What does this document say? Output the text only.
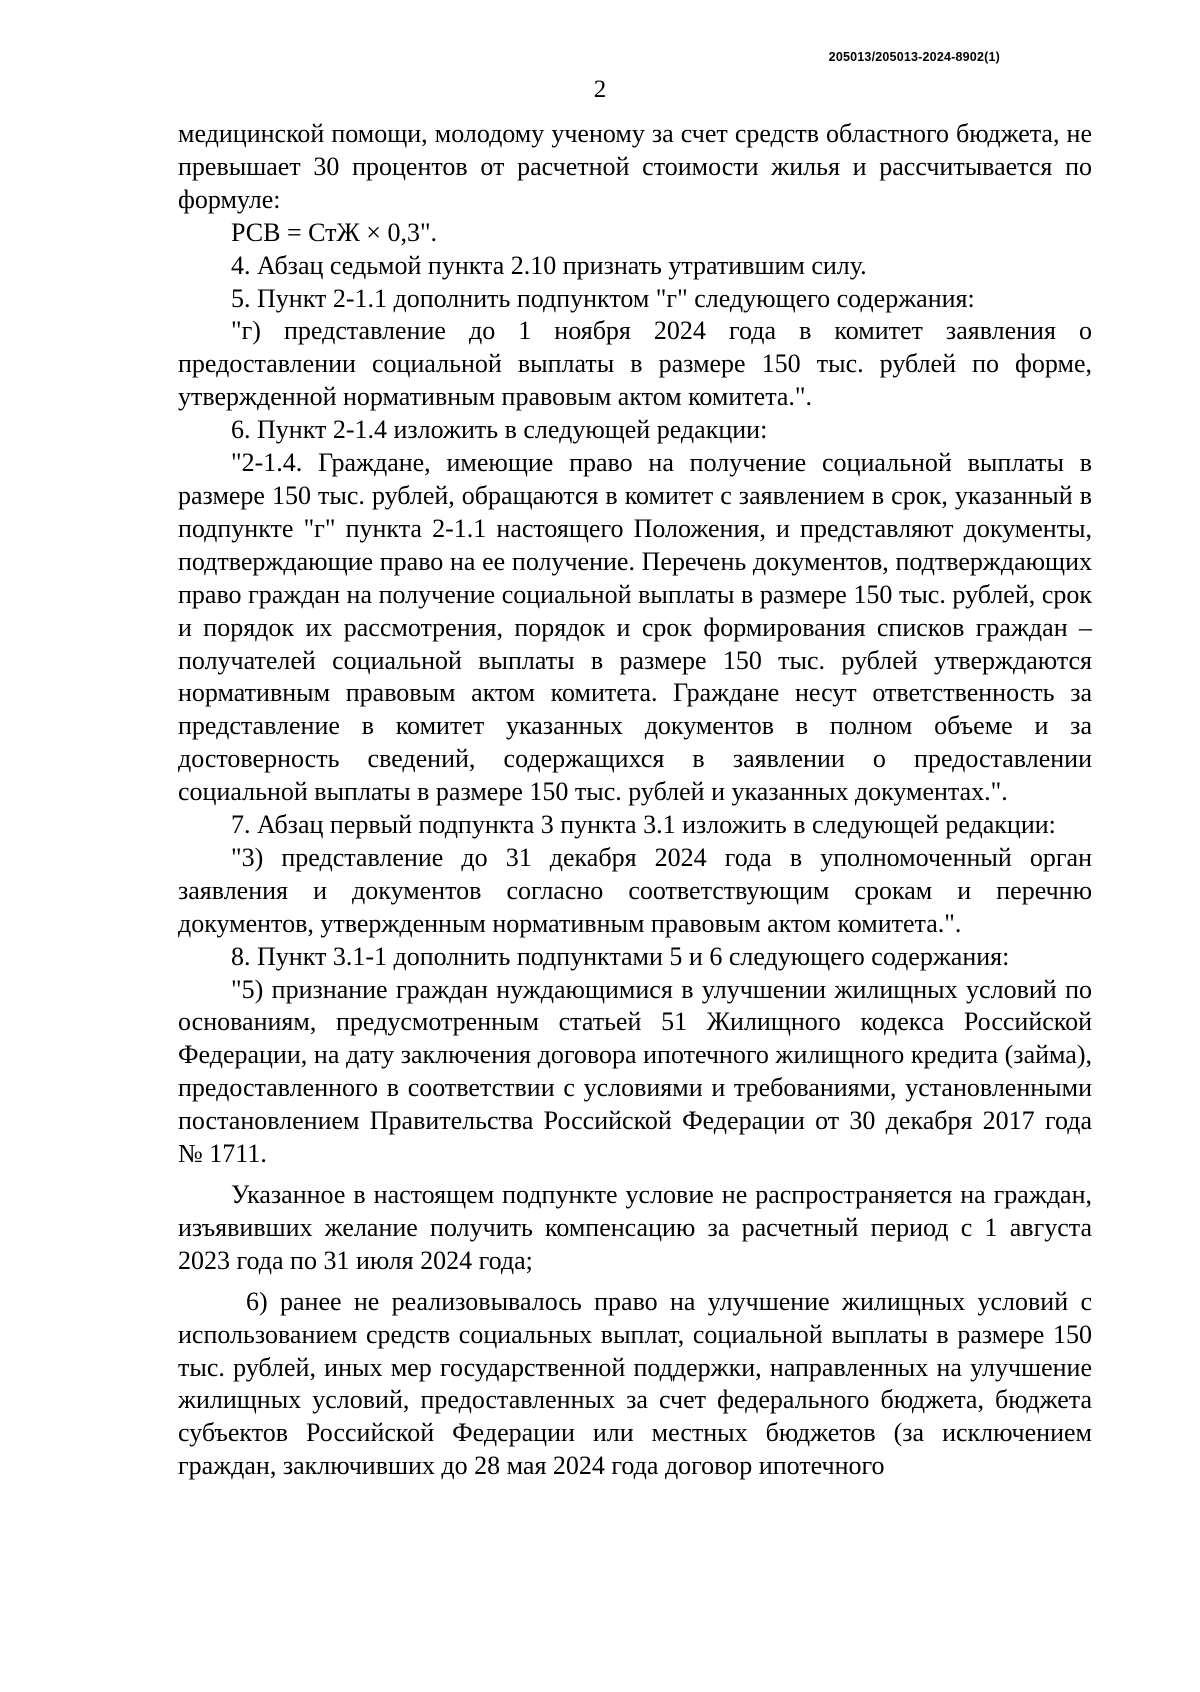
205013/205013-2024-8902(1)
2

медицинской помощи, молодому ученому за счет средств областного бюджета, не превышает 30 процентов от расчетной стоимости жилья и рассчитывается по формуле:

РСВ = СтЖ × 0,3".

4. Абзац седьмой пункта 2.10 признать утратившим силу.

5. Пункт 2-1.1 дополнить подпунктом "г" следующего содержания:

"г) представление до 1 ноября 2024 года в комитет заявления о предоставлении социальной выплаты в размере 150 тыс. рублей по форме, утвержденной нормативным правовым актом комитета.".

6. Пункт 2-1.4 изложить в следующей редакции:

"2-1.4. Граждане, имеющие право на получение социальной выплаты в размере 150 тыс. рублей, обращаются в комитет с заявлением в срок, указанный в подпункте "г" пункта 2-1.1 настоящего Положения, и представляют документы, подтверждающие право на ее получение. Перечень документов, подтверждающих право граждан на получение социальной выплаты в размере 150 тыс. рублей, срок и порядок их рассмотрения, порядок и срок формирования списков граждан – получателей социальной выплаты в размере 150 тыс. рублей утверждаются нормативным правовым актом комитета. Граждане несут ответственность за представление в комитет указанных документов в полном объеме и за достоверность сведений, содержащихся в заявлении о предоставлении социальной выплаты в размере 150 тыс. рублей и указанных документах.".

7. Абзац первый подпункта 3 пункта 3.1 изложить в следующей редакции:

"3) представление до 31 декабря 2024 года в уполномоченный орган заявления и документов согласно соответствующим срокам и перечню документов, утвержденным нормативным правовым актом комитета.".

8. Пункт 3.1-1 дополнить подпунктами 5 и 6 следующего содержания:

"5) признание граждан нуждающимися в улучшении жилищных условий по основаниям, предусмотренным статьей 51 Жилищного кодекса Российской Федерации, на дату заключения договора ипотечного жилищного кредита (займа), предоставленного в соответствии с условиями и требованиями, установленными постановлением Правительства Российской Федерации от 30 декабря 2017 года № 1711.

Указанное в настоящем подпункте условие не распространяется на граждан, изъявивших желание получить компенсацию за расчетный период с 1 августа 2023 года по 31 июля 2024 года;

6) ранее не реализовывалось право на улучшение жилищных условий с использованием средств социальных выплат, социальной выплаты в размере 150 тыс. рублей, иных мер государственной поддержки, направленных на улучшение жилищных условий, предоставленных за счет федерального бюджета, бюджета субъектов Российской Федерации или местных бюджетов (за исключением граждан, заключивших до 28 мая 2024 года договор ипотечного
